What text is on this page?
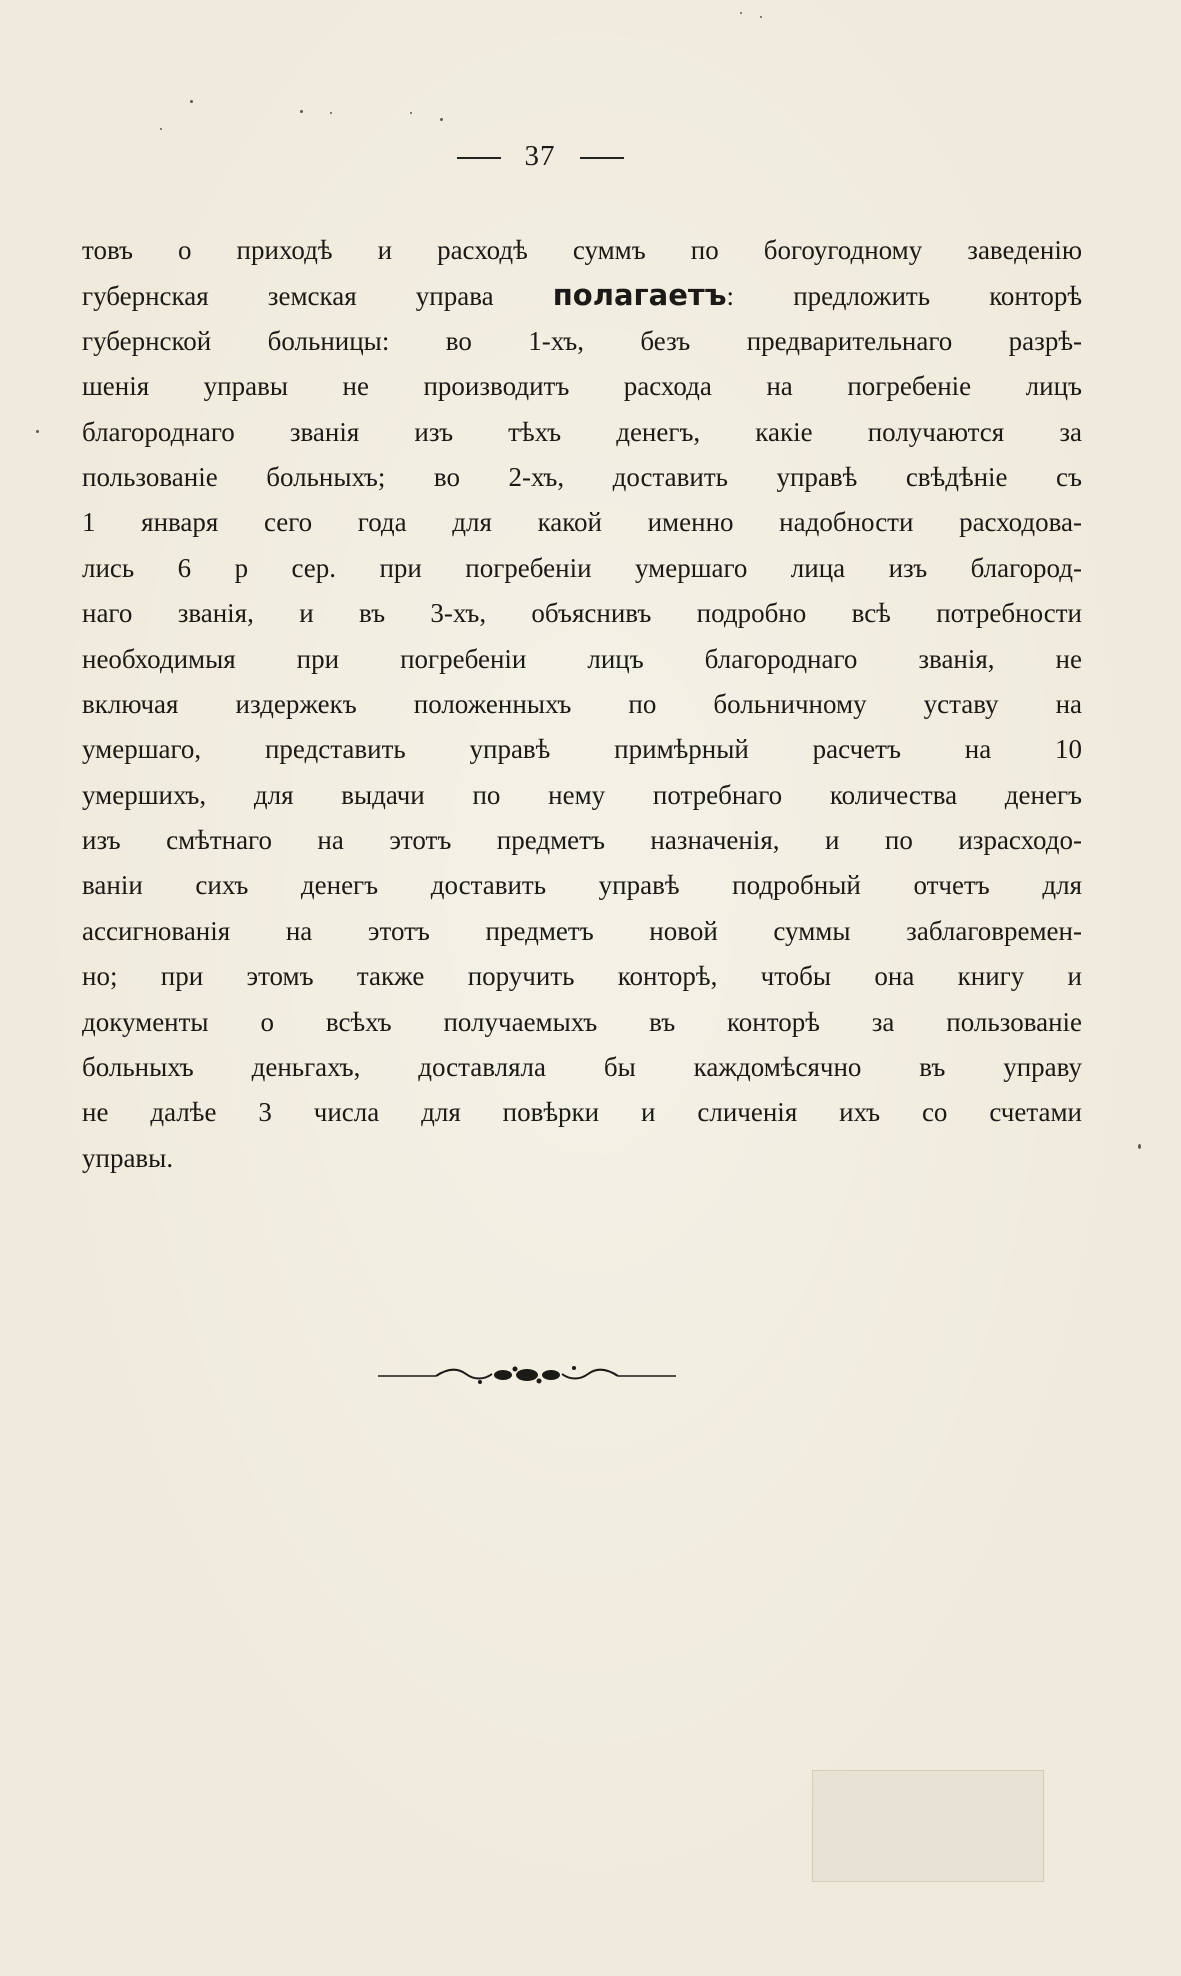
37
товъ о приходѣ и расходѣ суммъ по богоугодному заведенію
губернская земская управа полагаетъ: предложить конторѣ
губернской больницы: во 1-хъ, безъ предварительнаго разрѣ-
шенія управы не производитъ расхода на погребеніе лицъ
благороднаго званія изъ тѣхъ денегъ, какіе получаются за
пользованіе больныхъ; во 2-хъ, доставить управѣ свѣдѣніе съ
1 января сего года для какой именно надобности расходова-
лись 6 р сер. при погребеніи умершаго лица изъ благород-
наго званія, и въ 3-хъ, объяснивъ подробно всѣ потребности
необходимыя при погребеніи лицъ благороднаго званія, не
включая издержекъ положенныхъ по больничному уставу на
умершаго, представить управѣ примѣрный расчетъ на 10
умершихъ, для выдачи по нему потребнаго количества денегъ
изъ смѣтнаго на этотъ предметъ назначенія, и по израсходо-
ваніи сихъ денегъ доставить управѣ подробный отчетъ для
ассигнованія на этотъ предметъ новой суммы заблаговремен-
но; при этомъ также поручить конторѣ, чтобы она книгу и
документы о всѣхъ получаемыхъ въ конторѣ за пользованіе
больныхъ деньгахъ, доставляла бы каждомѣсячно въ управу
не далѣе 3 числа для повѣрки и сличенія ихъ со счетами
управы.
